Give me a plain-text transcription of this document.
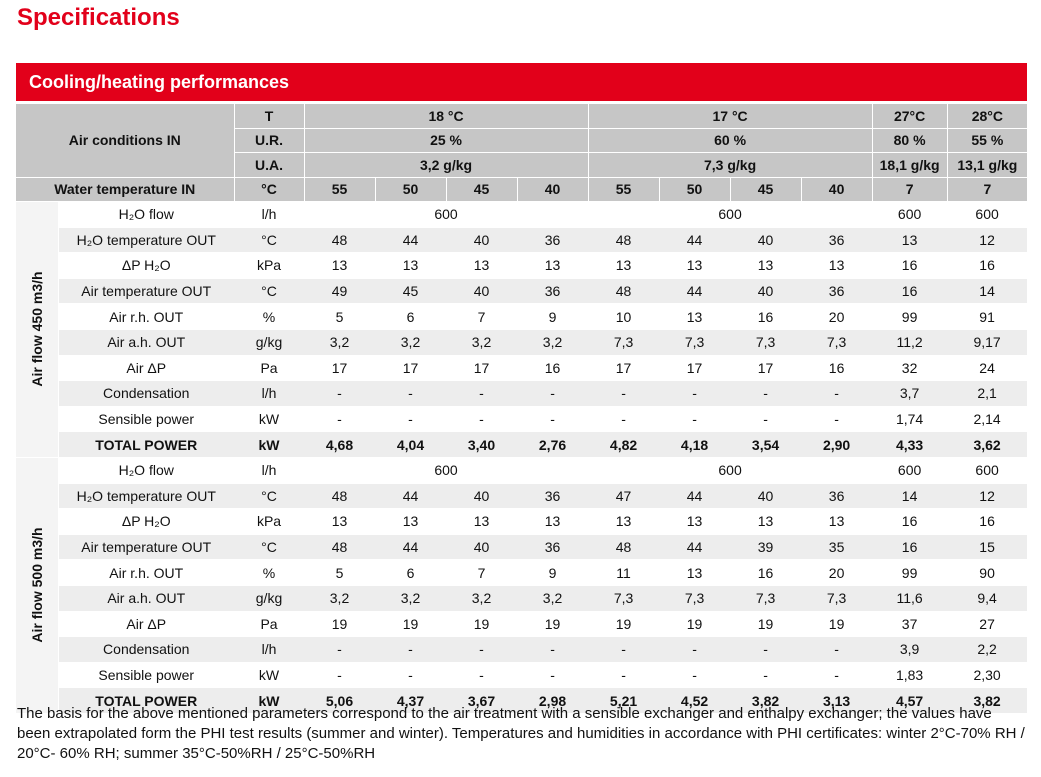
Specifications
Cooling/heating performances
Air conditions IN		T	18 °C				17 °C				27°C	28°C
		U.R.	25 %				60 %				80 %	55 %
		U.A.	3,2 g/kg				7,3 g/kg				18,1 g/kg	13,1 g/kg
Water temperature IN		°C	55	50	45	40	55	50	45	40	7	7

Air flow 450 m3/h	H₂O flow	l/h	600				600				600	600
	H₂O temperature OUT	°C	48	44	40	36	48	44	40	36	13	12
	ΔP H₂O	kPa	13	13	13	13	13	13	13	13	16	16
	Air temperature OUT	°C	49	45	40	36	48	44	40	36	16	14
	Air r.h. OUT	%	5	6	7	9	10	13	16	20	99	91
	Air a.h. OUT	g/kg	3,2	3,2	3,2	3,2	7,3	7,3	7,3	7,3	11,2	9,17
	Air ΔP	Pa	17	17	17	16	17	17	17	16	32	24
	Condensation	l/h	-	-	-	-	-	-	-	-	3,7	2,1
	Sensible power	kW	-	-	-	-	-	-	-	-	1,74	2,14
	TOTAL POWER	kW	4,68	4,04	3,40	2,76	4,82	4,18	3,54	2,90	4,33	3,62

Air flow 500 m3/h	H₂O flow	l/h	600				600				600	600
	H₂O temperature OUT	°C	48	44	40	36	47	44	40	36	14	12
	ΔP H₂O	kPa	13	13	13	13	13	13	13	13	16	16
	Air temperature OUT	°C	48	44	40	36	48	44	39	35	16	15
	Air r.h. OUT	%	5	6	7	9	11	13	16	20	99	90
	Air a.h. OUT	g/kg	3,2	3,2	3,2	3,2	7,3	7,3	7,3	7,3	11,6	9,4
	Air ΔP	Pa	19	19	19	19	19	19	19	19	37	27
	Condensation	l/h	-	-	-	-	-	-	-	-	3,9	2,2
	Sensible power	kW	-	-	-	-	-	-	-	-	1,83	2,30
	TOTAL POWER	kW	5,06	4,37	3,67	2,98	5,21	4,52	3,82	3,13	4,57	3,82

The basis for the above mentioned parameters correspond to the air treatment with a sensible exchanger and enthalpy exchanger; the values have been extrapolated form the PHI test results (summer and winter). Temperatures and humidities in accordance with PHI certificates: winter 2°C-70% RH / 20°C- 60% RH; summer 35°C-50%RH / 25°C-50%RH
